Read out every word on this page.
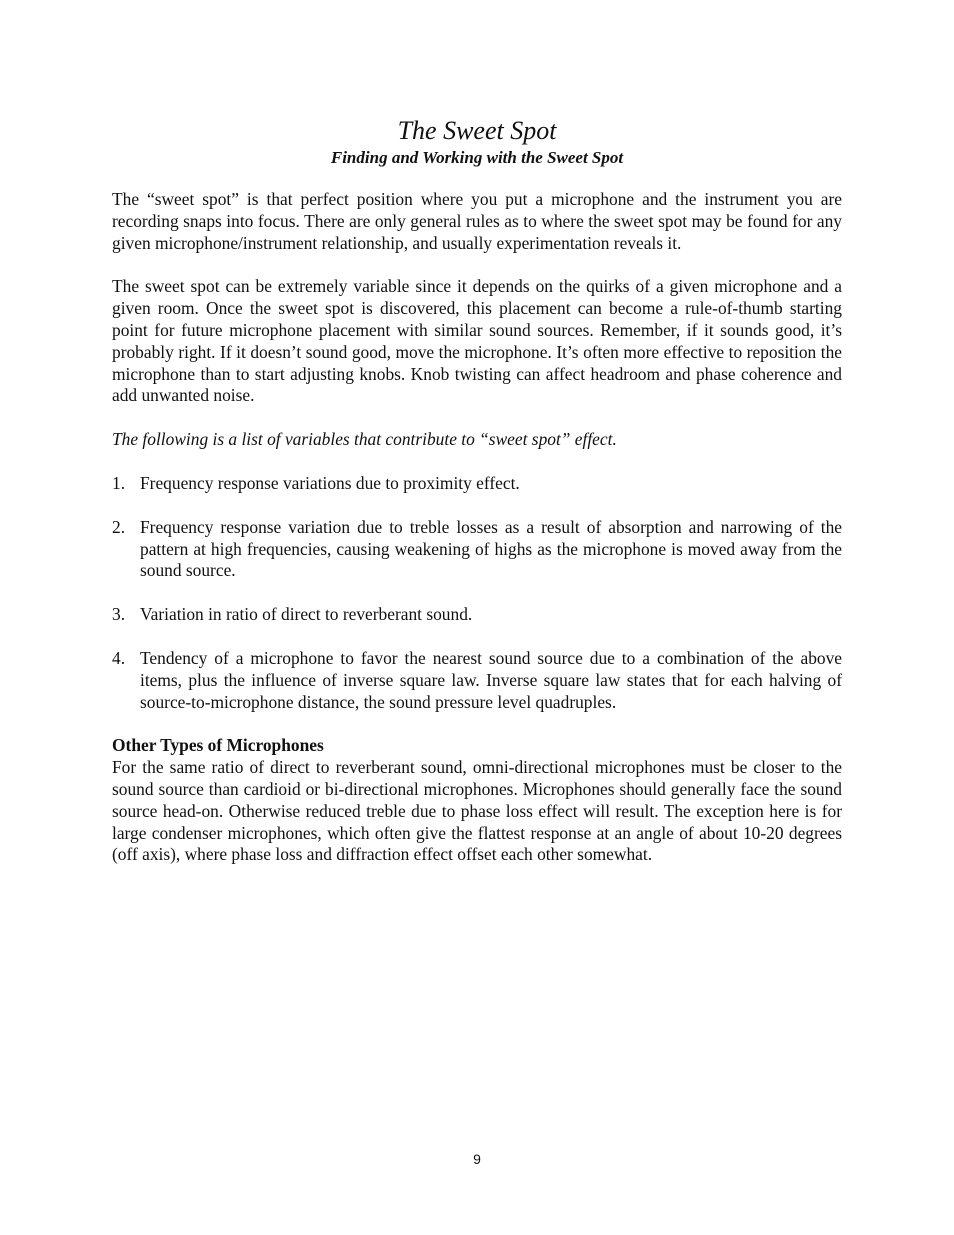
The Sweet Spot
Finding and Working with the Sweet Spot

The “sweet spot” is that perfect position where you put a microphone and the instrument you are recording snaps into focus. There are only general rules as to where the sweet spot may be found for any given microphone/instrument relationship, and usually experimentation reveals it.

The sweet spot can be extremely variable since it depends on the quirks of a given microphone and a given room. Once the sweet spot is discovered, this placement can become a rule-of-thumb starting point for future microphone placement with similar sound sources. Remember, if it sounds good, it’s probably right. If it doesn’t sound good, move the microphone. It’s often more effective to reposition the microphone than to start adjusting knobs. Knob twisting can affect headroom and phase coherence and add unwanted noise.

The following is a list of variables that contribute to “sweet spot” effect.

1. Frequency response variations due to proximity effect.
2. Frequency response variation due to treble losses as a result of absorption and narrowing of the pattern at high frequencies, causing weakening of highs as the microphone is moved away from the sound source.
3. Variation in ratio of direct to reverberant sound.
4. Tendency of a microphone to favor the nearest sound source due to a combination of the above items, plus the influence of inverse square law. Inverse square law states that for each halving of source-to-microphone distance, the sound pressure level quadruples.
Other Types of Microphones

For the same ratio of direct to reverberant sound, omni-directional microphones must be closer to the sound source than cardioid or bi-directional microphones. Microphones should generally face the sound source head-on. Otherwise reduced treble due to phase loss effect will result. The exception here is for large condenser microphones, which often give the flattest response at an angle of about 10-20 degrees (off axis), where phase loss and diffraction effect offset each other somewhat.

9
